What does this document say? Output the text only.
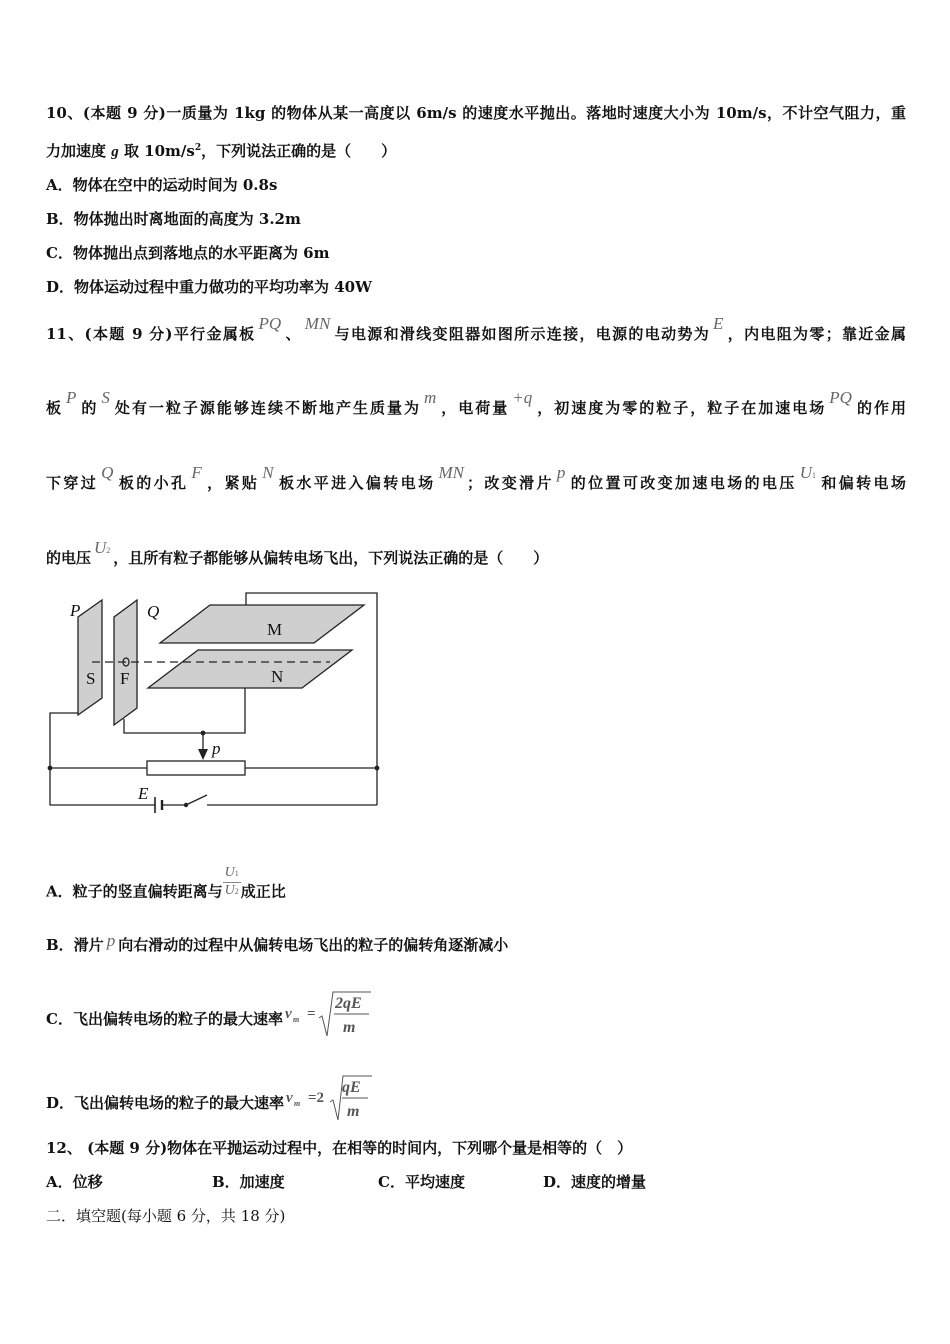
10、(本题 9 分)一质量为 1kg 的物体从某一高度以 6m/s 的速度水平抛出。落地时速度大小为 10m/s，不计空气阻力，重
力加速度 g 取 $10m/s^2$，下列说法正确的是（　　）
A．物体在空中的运动时间为 0.8s
B．物体抛出时离地面的高度为 3.2m
C．物体抛出点到落地点的水平距离为 6m
D．物体运动过程中重力做功的平均功率为 40W
11、(本题 9 分)平行金属板PQ、MN与电源和滑线变阻器如图所示连接，电源的电动势为E，内电阻为零；靠近金属
板P的S处有一粒子源能够连续不断地产生质量为m，电荷量+q，初速度为零的粒子，粒子在加速电场PQ的作用
下穿过Q板的小孔F，紧贴N板水平进入偏转电场MN；改变滑片p的位置可改变加速电场的电压U1 和偏转电场
的电压U2 ，且所有粒子都能够从偏转电场飞出，下列说法正确的是（　　）
P	Q
M
N
S F
p
E
A．粒子的竖直偏转距离与 $\frac{U1}{U2}$ 成正比
B．滑片 p 向右滑动的过程中从偏转电场飞出的粒子的偏转角逐渐减小
C．飞出偏转电场的粒子的最大速率 v m =
2qE
m
D．飞出偏转电场的粒子的最大速率 v m =2
qE
m
12、 (本题 9 分)物体在平抛运动过程中，在相等的时间内，下列哪个量是相等的（　）
A．位移	B．加速度	C．平均速度	D．速度的增量
二．填空题(每小题 6 分，共 18 分)
